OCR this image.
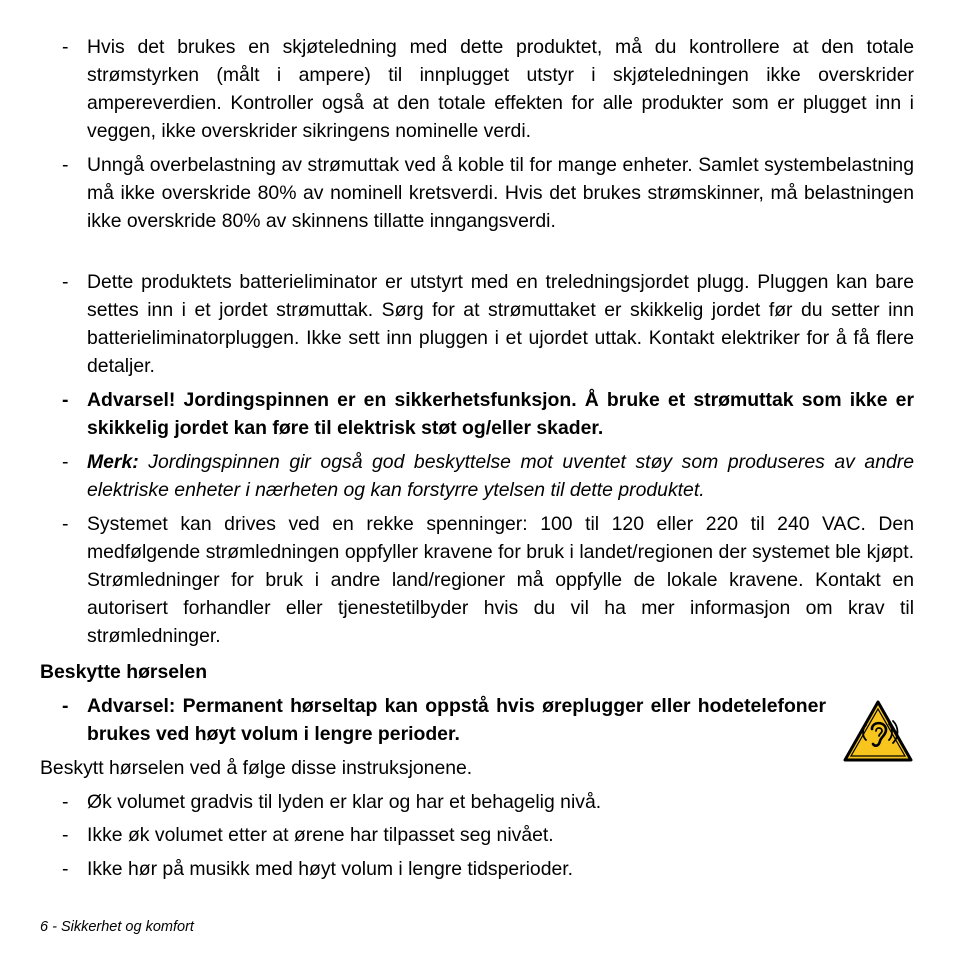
- Hvis det brukes en skjøteledning med dette produktet, må du kontrollere at den totale strømstyrken (målt i ampere) til innplugget utstyr i skjøteledningen ikke overskrider ampereverdien. Kontroller også at den totale effekten for alle produkter som er plugget inn i veggen, ikke overskrider sikringens nominelle verdi.
- Unngå overbelastning av strømuttak ved å koble til for mange enheter. Samlet systembelastning må ikke overskride 80% av nominell kretsverdi. Hvis det brukes strømskinner, må belastningen ikke overskride 80% av skinnens tillatte inngangsverdi.
- Dette produktets batterieliminator er utstyrt med en treledningsjordet plugg. Pluggen kan bare settes inn i et jordet strømuttak. Sørg for at strømuttaket er skikkelig jordet før du setter inn batterieliminatorpluggen. Ikke sett inn pluggen i et ujordet uttak. Kontakt elektriker for å få flere detaljer.
- Advarsel! Jordingspinnen er en sikkerhetsfunksjon. Å bruke et strømuttak som ikke er skikkelig jordet kan føre til elektrisk støt og/eller skader.
- Merk: Jordingspinnen gir også god beskyttelse mot uventet støy som produseres av andre elektriske enheter i nærheten og kan forstyrre ytelsen til dette produktet.
- Systemet kan drives ved en rekke spenninger: 100 til 120 eller 220 til 240 VAC. Den medfølgende strømledningen oppfyller kravene for bruk i landet/regionen der systemet ble kjøpt. Strømledninger for bruk i andre land/regioner må oppfylle de lokale kravene. Kontakt en autorisert forhandler eller tjenestetilbyder hvis du vil ha mer informasjon om krav til strømledninger.
Beskytte hørselen
- Advarsel: Permanent hørseltap kan oppstå hvis øreplugger eller hodetelefoner brukes ved høyt volum i lengre perioder.
Beskytt hørselen ved å følge disse instruksjonene.
- Øk volumet gradvis til lyden er klar og har et behagelig nivå.
- Ikke øk volumet etter at ørene har tilpasset seg nivået.
- Ikke hør på musikk med høyt volum i lengre tidsperioder.
6 - Sikkerhet og komfort
